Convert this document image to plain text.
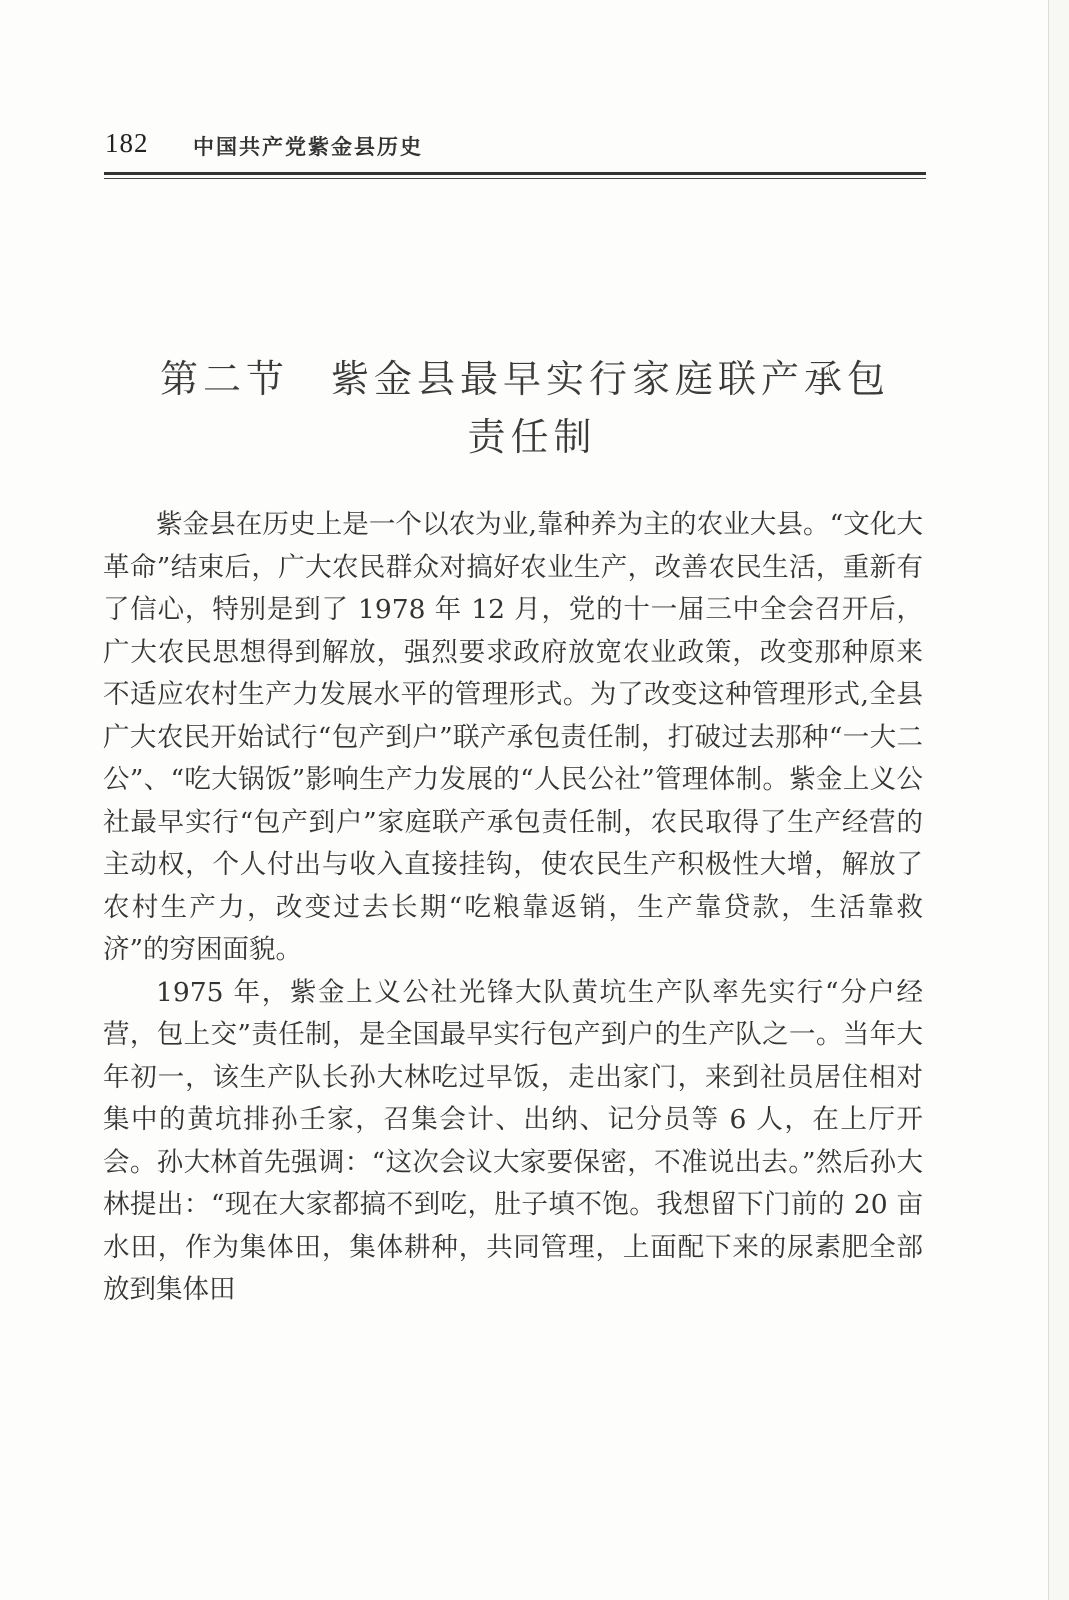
182 中国共产党紫金县历史
第二节 紫金县最早实行家庭联产承包
责任制

紫金县在历史上是一个以农为业,靠种养为主的农业大县。“文化大革命”结束后，广大农民群众对搞好农业生产，改善农民生活，重新有了信心，特别是到了 1978 年 12 月，党的十一届三中全会召开后，广大农民思想得到解放，强烈要求政府放宽农业政策，改变那种原来不适应农村生产力发展水平的管理形式。为了改变这种管理形式,全县广大农民开始试行“包产到户”联产承包责任制，打破过去那种“一大二公”、“吃大锅饭”影响生产力发展的“人民公社”管理体制。紫金上义公社最早实行“包产到户”家庭联产承包责任制，农民取得了生产经营的主动权，个人付出与收入直接挂钩，使农民生产积极性大增，解放了农村生产力，改变过去长期“吃粮靠返销，生产靠贷款，生活靠救济”的穷困面貌。

1975 年，紫金上义公社光锋大队黄坑生产队率先实行“分户经营，包上交”责任制，是全国最早实行包产到户的生产队之一。当年大年初一，该生产队长孙大林吃过早饭，走出家门，来到社员居住相对集中的黄坑排孙壬家，召集会计、出纳、记分员等 6 人，在上厅开会。孙大林首先强调：“这次会议大家要保密，不准说出去。”然后孙大林提出：“现在大家都搞不到吃，肚子填不饱。我想留下门前的 20 亩水田，作为集体田，集体耕种，共同管理，上面配下来的尿素肥全部放到集体田
